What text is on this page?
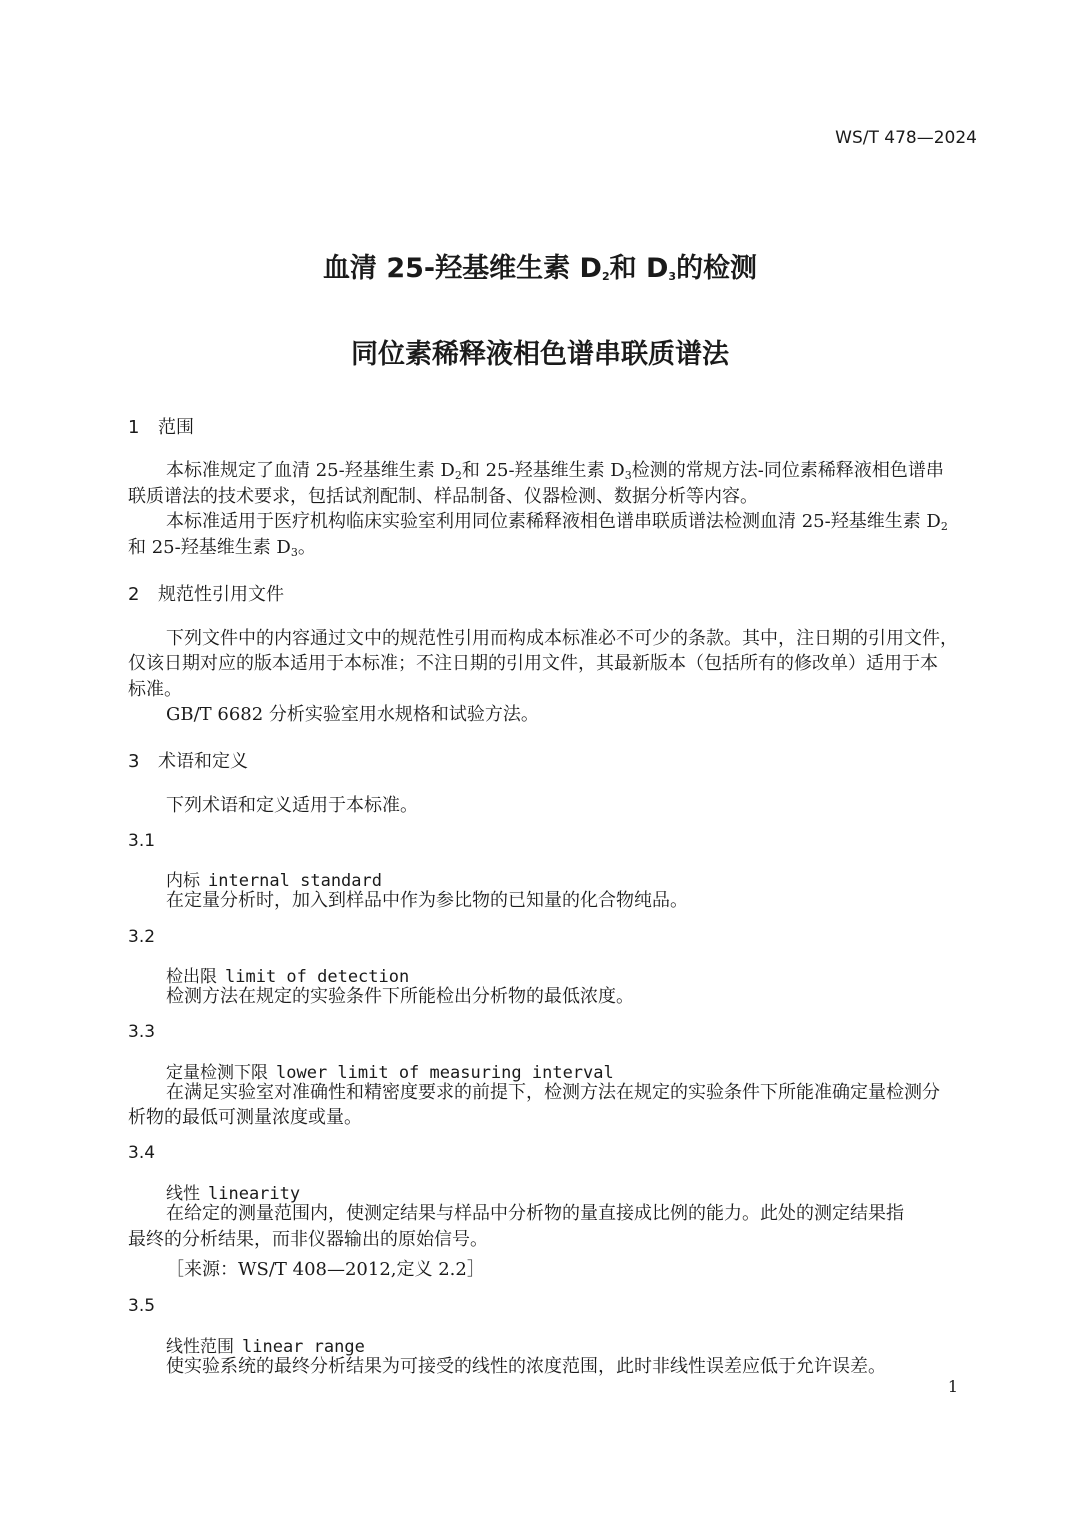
WS/T 478—2024
血清 25-羟基维生素 $D_2$和 $D_3$的检测
同位素稀释液相色谱串联质谱法
1 范围
本标准规定了血清 25-羟基维生素 $D_2$和 25-羟基维生素 $D_3$检测的常规方法-同位素稀释液相色谱串
联质谱法的技术要求，包括试剂配制、样品制备、仪器检测、数据分析等内容。
本标准适用于医疗机构临床实验室利用同位素稀释液相色谱串联质谱法检测血清 25-羟基维生素 $D_2$
和 25-羟基维生素 $D_3$。
2 规范性引用文件
下列文件中的内容通过文中的规范性引用而构成本标准必不可少的条款。其中，注日期的引用文件，
仅该日期对应的版本适用于本标准；不注日期的引用文件，其最新版本（包括所有的修改单）适用于本
标准。
GB/T 6682 分析实验室用水规格和试验方法。
3 术语和定义
下列术语和定义适用于本标准。
3.1
内标 internal standard
在定量分析时，加入到样品中作为参比物的已知量的化合物纯品。
3.2
检出限 limit of detection
检测方法在规定的实验条件下所能检出分析物的最低浓度。
3.3
定量检测下限 lower limit of measuring interval
在满足实验室对准确性和精密度要求的前提下，检测方法在规定的实验条件下所能准确定量检测分
析物的最低可测量浓度或量。
3.4
线性 linearity
在给定的测量范围内，使测定结果与样品中分析物的量直接成比例的能力。此处的测定结果指
最终的分析结果，而非仪器输出的原始信号。
［来源：WS/T 408—2012,定义 2.2］
3.5
线性范围 linear range
使实验系统的最终分析结果为可接受的线性的浓度范围，此时非线性误差应低于允许误差。
1
